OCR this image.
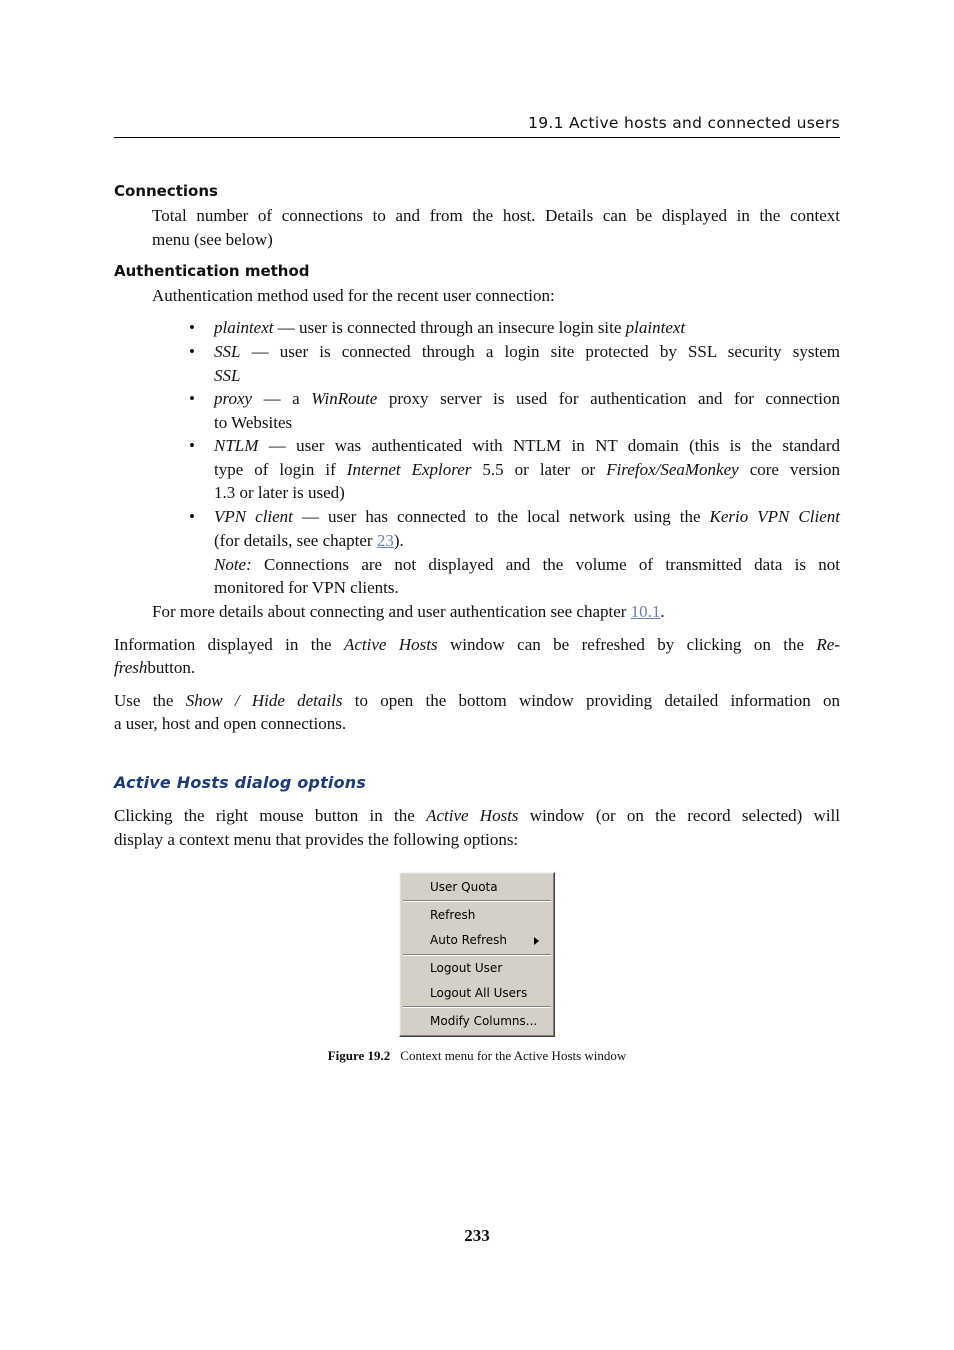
19.1 Active hosts and connected users
Connections
Total number of connections to and from the host. Details can be displayed in the context
menu (see below)
Authentication method
Authentication method used for the recent user connection:
• plaintext — user is connected through an insecure login site plaintext
• SSL — user is connected through a login site protected by SSL security system
SSL
• proxy — a WinRoute proxy server is used for authentication and for connection
to Websites
• NTLM — user was authenticated with NTLM in NT domain (this is the standard
type of login if Internet Explorer 5.5 or later or Firefox/SeaMonkey core version
1.3 or later is used)
• VPN client — user has connected to the local network using the Kerio VPN Client
(for details, see chapter 23).
Note: Connections are not displayed and the volume of transmitted data is not
monitored for VPN clients.
For more details about connecting and user authentication see chapter 10.1.
Information displayed in the Active Hosts window can be refreshed by clicking on the Re-
freshbutton.
Use the Show / Hide details to open the bottom window providing detailed information on
a user, host and open connections.
Active Hosts dialog options
Clicking the right mouse button in the Active Hosts window (or on the record selected) will
display a context menu that provides the following options:
User Quota
Refresh
Auto Refresh
Logout User
Logout All Users
Modify Columns...
Figure 19.2 Context menu for the Active Hosts window
233
